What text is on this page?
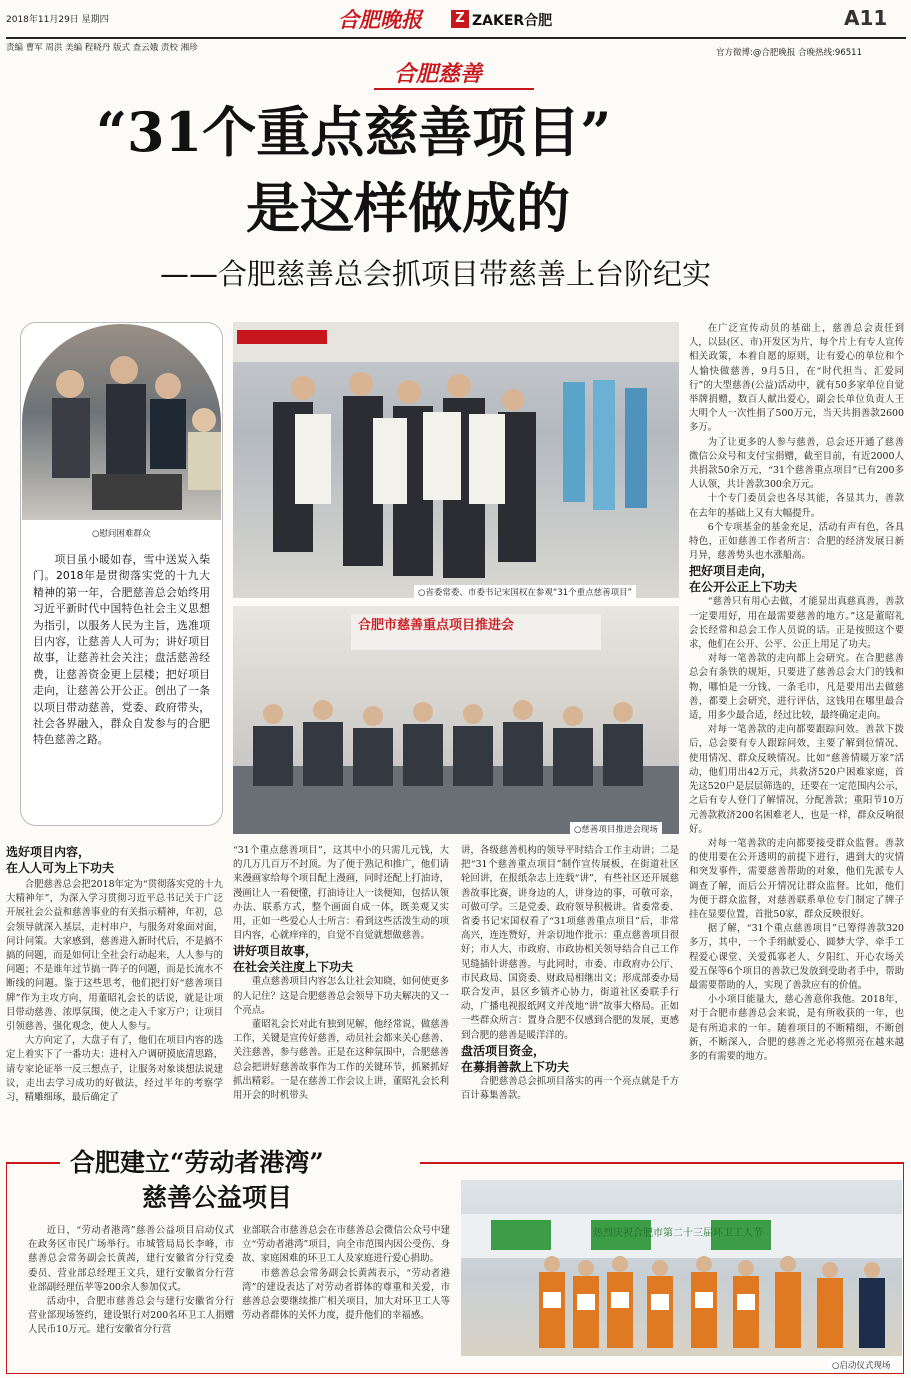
2018年11月29日 星期四	合肥晚报	Z ZAKER合肥	A11
责编 曹军 周洪 美编 程晓丹 版式 查云娥 责校 湘珍	官方微博:@合肥晚报 合晚热线:96511
合肥慈善
“31个重点慈善项目”
是这样做成的
——合肥慈善总会抓项目带慈善上台阶纪实
○慰问困难群众
项目虽小暖如春，雪中送炭入柴门。2018年是贯彻落实党的十九大精神的第一年，合肥慈善总会始终用习近平新时代中国特色社会主义思想为指引，以服务人民为主旨，选准项目内容，让慈善人人可为；讲好项目故事，让慈善社会关注；盘活慈善经费，让慈善资金更上层楼；把好项目走向，让慈善公开公正。创出了一条以项目带动慈善，党委、政府带头，社会各界融入，群众自发参与的合肥特色慈善之路。
○省委常委、市委书记宋国权在参观“31个重点慈善项目”
合肥市慈善重点项目推进会
○慈善项目推进会现场

在广泛宣传动员的基础上，慈善总会责任到人，以县(区、市)开发区为片，每个片上有专人宣传相关政策，本着自愿的原则，让有爱心的单位和个人愉快做慈善，9月5日，在“时代担当、汇爱同行”的大型慈善(公益)活动中，就有50多家单位自觉举牌捐赠，数百人献出爱心，副会长单位负责人王大明个人一次性捐了500万元，当天共捐善款2600多万。

为了让更多的人参与慈善，总会还开通了慈善微信公众号和支付宝捐赠，截至目前，有近2000人共捐款50余万元，“31个慈善重点项目”已有200多人认领，共计善款300余万元。

十个专门委员会也各尽其能，各显其力，善款在去年的基础上又有大幅提升。

6个专项基金的基金充足，活动有声有色，各具特色，正如慈善工作者所言：合肥的经济发展日新月异，慈善势头也水涨船高。

把好项目走向，
在公开公正上下功夫

“慈善只有用心去做，才能显出真慈真善，善款一定要用好，用在最需要慈善的地方。”这是董昭礼会长经常和总会工作人员说的话。正是按照这个要求，他们在公开、公平、公正上用足了功夫。

对每一笔善款的走向都上会研究。在合肥慈善总会有条铁的规矩，只要进了慈善总会大门的钱和物，哪怕是一分钱、一条毛巾，凡是要用出去做慈善，都要上会研究，进行评估，这钱用在哪里最合适，用多少最合适，经过比较，最终确定走向。

对每一笔善款的走向都要跟踪问效。善款下拨后，总会要有专人跟踪问效，主要了解到位情况、使用情况、群众反映情况。比如“慈善情暖万家”活动，他们用出42万元，共救济520户困难家庭，首先这520户是层层筛选的，还要在一定范围内公示，之后有专人登门了解情况，分配善款；重阳节10万元善款救济200名困难老人，也是一样，群众反响很好。

对每一笔善款的走向都要接受群众监督。善款的使用要在公开透明的前提下进行，遇到大的灾情和突发事件，需要慈善帮助的对象，他们先派专人调查了解，而后公开情况让群众监督。比如，他们为便于群众监督，对慈善联系单位专门制定了牌子挂在显要位置，首批50家，群众反映很好。

据了解，“31个重点慈善项目”已筹得善款320多万，其中，一个手绢献爱心、圆梦大学、牵手工程爱心课堂、关爱孤寡老人、夕阳红、开心农场关爱五保等6个项目的善款已发放到受助者手中，帮助最需要帮助的人，实现了善款应有的价值。

小小项目能量大，慈心善意你我他。2018年，对于合肥市慈善总会来说，是有所收获的一年，也是有所追求的一年。随着项目的不断精细，不断创新，不断深入，合肥的慈善之光必将照亮在越来越多的有需要的地方。

选好项目内容，
在人人可为上下功夫

合肥慈善总会把2018年定为“贯彻落实党的十九大精神年”，为深入学习贯彻习近平总书记关于广泛开展社会公益和慈善事业的有关指示精神，年初，总会领导就深入基层，走村串户，与服务对象面对面，问计问策。大家感到，慈善进入新时代后，不是搞不搞的问题，而是如何让全社会行动起来，人人参与的问题；不是谁年过节搞一阵子的问题，而是长流水不断线的问题。鉴于这些思考，他们把打好“慈善项目牌”作为主攻方向，用董昭礼会长的话说，就是让项目带动慈善、浓厚氛围，使之走入千家万户；让项目引领慈善，强化观念，使人人参与。

大方向定了，大盘子有了，他们在项目内容的选定上着实下了一番功夫：进村入户调研摸底清思路，请专家论证举一反三想点子，让服务对象谈想法说建议，走出去学习成功的好做法，经过半年的考察学习，精雕细琢，最后确定了

“31个重点慈善项目”，这其中小的只需几元钱，大的几万几百万不封顶。为了便于熟记和推广，他们请来漫画家给每个项目配上漫画，同时还配上打油诗，漫画让人一看便懂，打油诗让人一读便知，包括认领办法、联系方式，整个画面自成一体，既美观又实用，正如一些爱心人士所言：看到这些活泼生动的项目内容，心就痒痒的，自觉不自觉就想做慈善。

讲好项目故事，
在社会关注度上下功夫

重点慈善项目内容怎么让社会知晓，如何使更多的人记住？这是合肥慈善总会领导下功夫解决的又一个亮点。

董昭礼会长对此有独到见解，他经常说，做慈善工作，关键是宣传好慈善，动员社会都来关心慈善、关注慈善，参与慈善。正是在这种氛围中，合肥慈善总会把讲好慈善故事作为工作的关键环节，抓紧抓好抓出精彩。一是在慈善工作会议上讲，董昭礼会长利用开会的时机带头

讲，各级慈善机构的领导平时结合工作主动讲；二是把“31个慈善重点项目”制作宣传展板，在街道社区轮回讲，在报纸杂志上连载“讲”，有些社区还开展慈善故事比赛，讲身边的人，讲身边的事，可敬可亲，可做可学。三是党委、政府领导积极讲。省委常委、省委书记宋国权看了“31项慈善重点项目”后，非常高兴，连连赞好，并亲切地作批示：重点慈善项目很好；市人大、市政府、市政协相关领导结合自己工作见缝插针讲慈善。与此同时，市委、市政府办公厅、市民政局、国资委、财政局相继出文；形成部委办局联合发声，县区乡镇齐心协力，街道社区委联手行动，广播电视报纸网文并茂地“讲”故事大格局。正如一些群众所言：置身合肥不仅感到合肥的发展，更感到合肥的慈善是暖洋洋的。

盘活项目资金，
在募捐善款上下功夫

合肥慈善总会抓项目落实的再一个亮点就是千方百计募集善款。

合肥建立“劳动者港湾”
慈善公益项目

近日，“劳动者港湾”慈善公益项目启动仪式在政务区市民广场举行。市城管局局长李峰，市慈善总会常务副会长黄茜，建行安徽省分行党委委员、营业部总经理王文兵，建行安徽省分行营业部副经理伍苹等200余人参加仪式。

活动中，合肥市慈善总会与建行安徽省分行营业部现场签约，建设银行对200名环卫工人捐赠人民币10万元。建行安徽省分行营

业部联合市慈善总会在市慈善总会微信公众号中建立“劳动者港湾”项目，向全市范围内因公受伤、身故、家庭困难的环卫工人及家庭进行爱心捐助。

市慈善总会常务副会长黄茜表示，“劳动者港湾”的建设表达了对劳动者群体的尊重和关爱，市慈善总会要继续推广相关项目，加大对环卫工人等劳动者群体的关怀力度，提升他们的幸福感。

热烈庆祝合肥市第二十三届环卫工人节
○启动仪式现场
